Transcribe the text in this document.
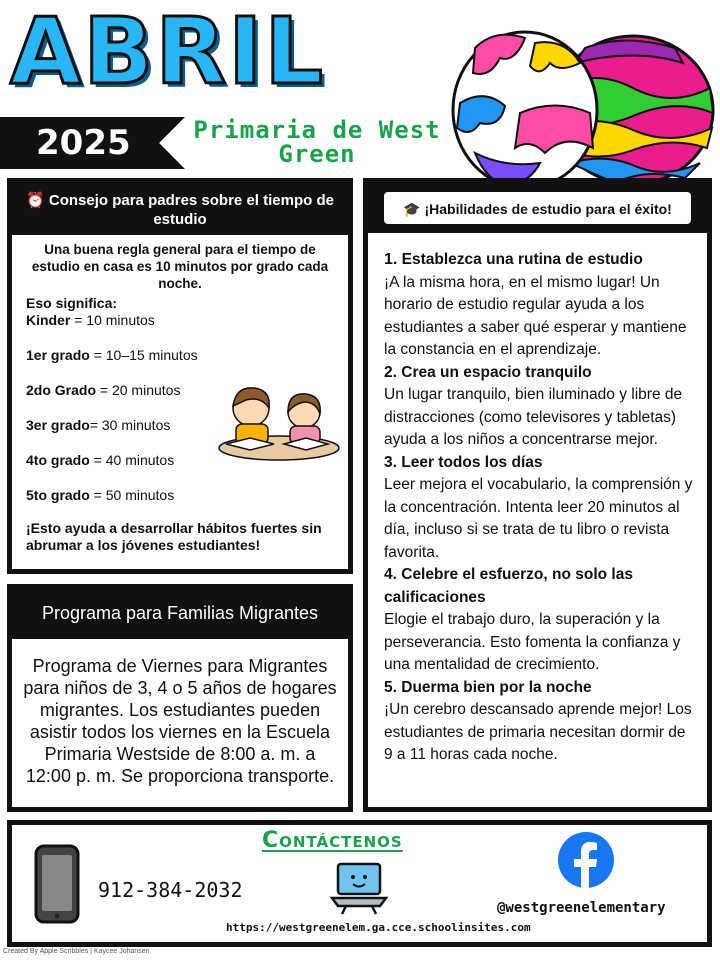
ABRIL
2025	Primaria de West Green
⏰ Consejo para padres sobre el tiempo de estudio
Una buena regla general para el tiempo de estudio en casa es 10 minutos por grado cada noche.
Eso significa:
Kinder = 10 minutos
1er grado = 10–15 minutos
2do Grado = 20 minutos
3er grado= 30 minutos
4to grado = 40 minutos
5to grado = 50 minutos
¡Esto ayuda a desarrollar hábitos fuertes sin abrumar a los jóvenes estudiantes!
Programa para Familias Migrantes
Programa de Viernes para Migrantes para niños de 3, 4 o 5 años de hogares migrantes. Los estudiantes pueden asistir todos los viernes en la Escuela Primaria Westside de 8:00 a. m. a 12:00 p. m. Se proporciona transporte.
🎓 ¡Habilidades de estudio para el éxito!
1. Establezca una rutina de estudio
¡A la misma hora, en el mismo lugar! Un horario de estudio regular ayuda a los estudiantes a saber qué esperar y mantiene la constancia en el aprendizaje.
2. Crea un espacio tranquilo
Un lugar tranquilo, bien iluminado y libre de distracciones (como televisores y tabletas) ayuda a los niños a concentrarse mejor.
3. Leer todos los días
Leer mejora el vocabulario, la comprensión y la concentración. Intenta leer 20 minutos al día, incluso si se trata de tu libro o revista favorita.
4. Celebre el esfuerzo, no solo las calificaciones
Elogie el trabajo duro, la superación y la perseverancia. Esto fomenta la confianza y una mentalidad de crecimiento.
5. Duerma bien por la noche
¡Un cerebro descansado aprende mejor! Los estudiantes de primaria necesitan dormir de 9 a 11 horas cada noche.
Contáctenos
912-384-2032
@westgreenelementary
https://westgreenelem.ga.cce.schoolinsites.com
Created By Apple Scribbles | Kaycee Johansen
